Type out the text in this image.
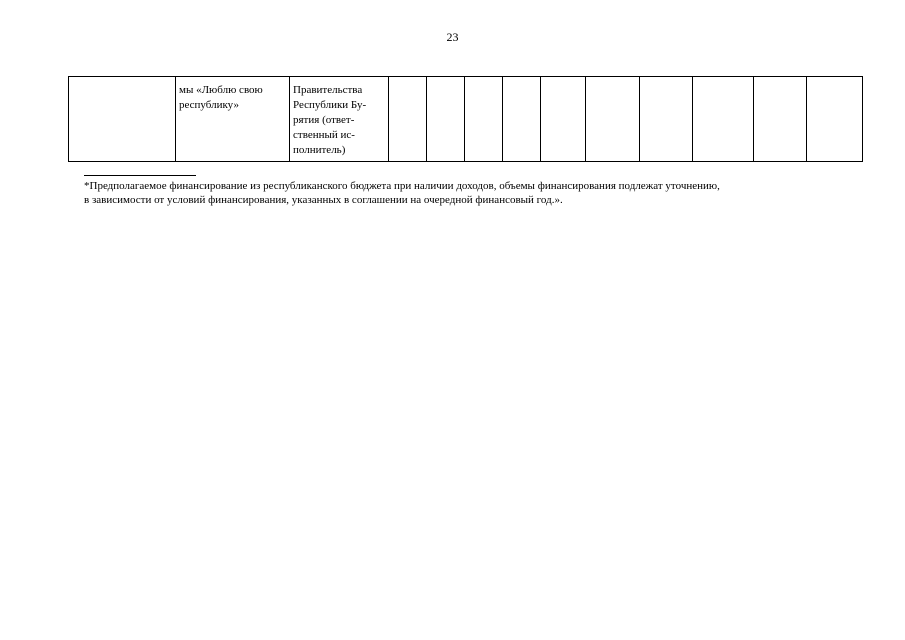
23
	мы «Люблю свою
республику»	Правительства
Республики Бу-
рятия (ответ-
ственный ис-
полнитель)										

*Предполагаемое финансирование из республиканского бюджета при наличии доходов, объемы финансирования подлежат уточнению,

в зависимости от условий финансирования, указанных в соглашении на очередной финансовый год.».
